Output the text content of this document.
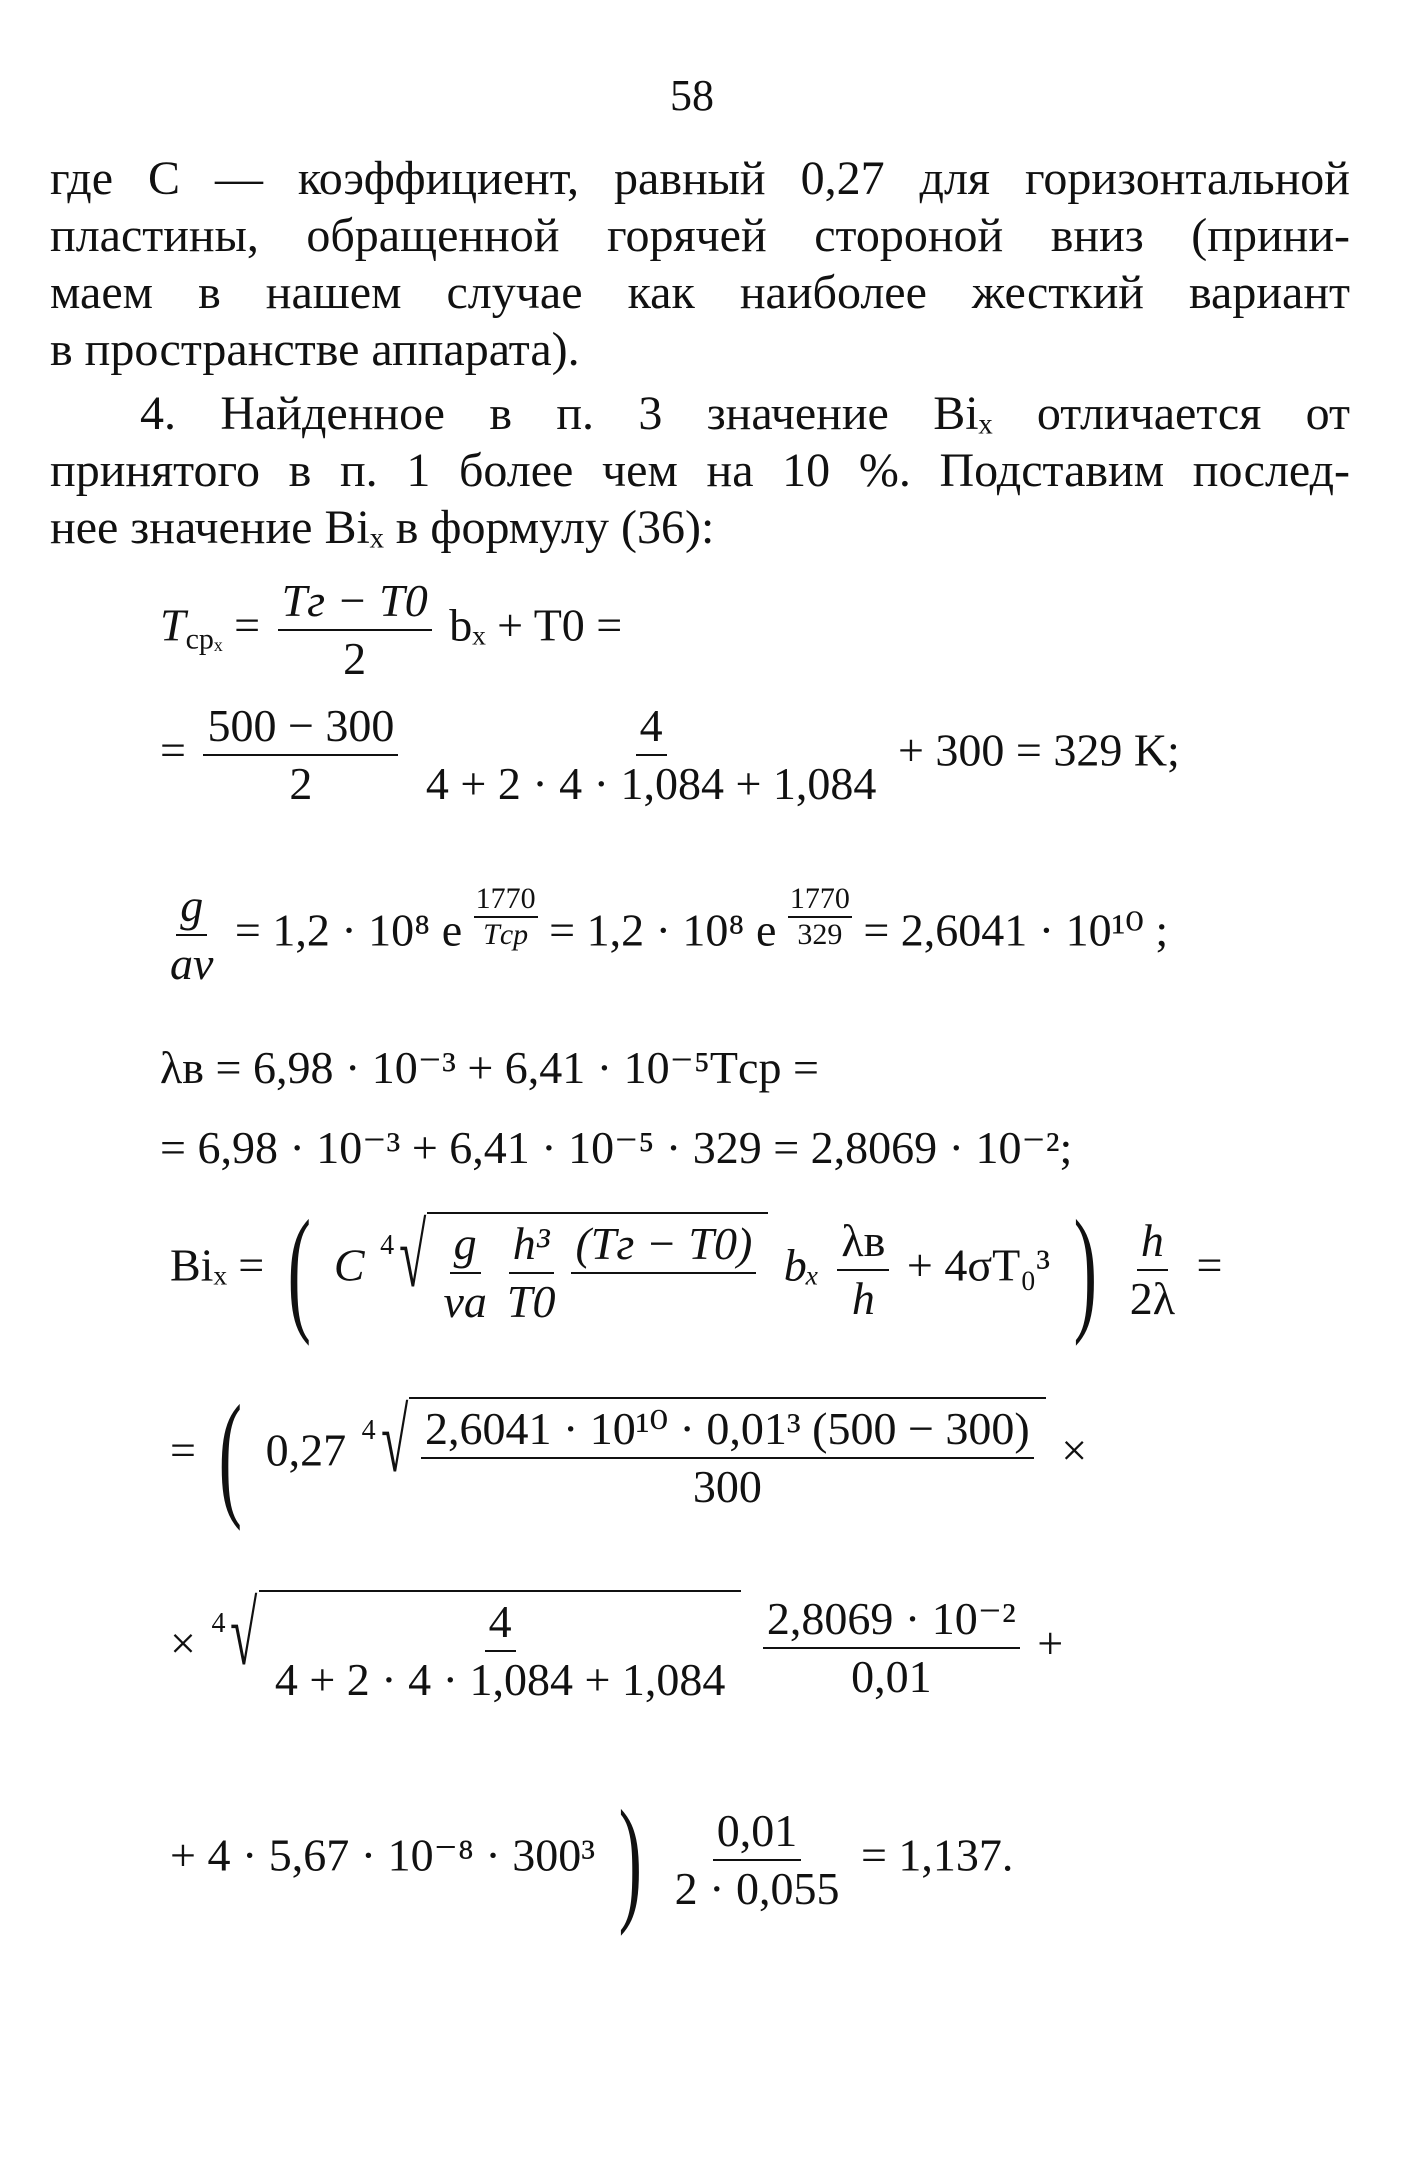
58
где C — коэффициент, равный 0,27 для горизонтальной
пластины, обращенной горячей стороной вниз (прини-
маем в нашем случае как наиболее жесткий вариант
в пространстве аппарата).
4. Найденное в п. 3 значение Biₓ отличается от
принятого в п. 1 более чем на 10 %. Подставим послед-
нее значение Biₓ в формулу (36):
$T_{ср_x} = \frac{Tг - T0}{2}$ bₓ + T0 =
= $\frac{500 - 300}{2}$
$\frac{4}{4 + 2 \cdot 4 \cdot 1,084 + 1,084} + 300 = 329$ K;
$\frac{g}{a\nu} = 1,2 \cdot 10^8$ e
1770
Tср = 1,2 · 10⁸ e $\frac{1770}{329} = 2,6041 \cdot 10^{10}$ ;
λв = 6,98 · 10⁻³ + 6,41 · 10⁻⁵Tср =
= 6,98 · 10⁻³ + 6,41 · 10⁻⁵ · 329 = 2,8069 · 10⁻²;
Biₓ = ( C 4 √ $\frac{g}{\nu a} \frac{\text{h³}}{T0} (Tг - T0)$
bₓ $\frac{\lambda в}{h} + 4\sigma T_0^3$ ) $\frac{h}{2\lambda}$ =
= ( 0,27 4 √ $\frac{\text{2,6041 · 10¹⁰ · 0,01³ (500 − 300)}}{300}$ ×
× 4 √ $\frac{4}{4 + 2 \cdot 4 \cdot 1,084 + 1,084}$
$\frac{\text{2,8069 · 10⁻²}}{0,01}$ +
+ 4 · 5,67 · 10⁻⁸ · 300³ ) $\frac{0,01}{2 \cdot 0,055} = 1,137$.
